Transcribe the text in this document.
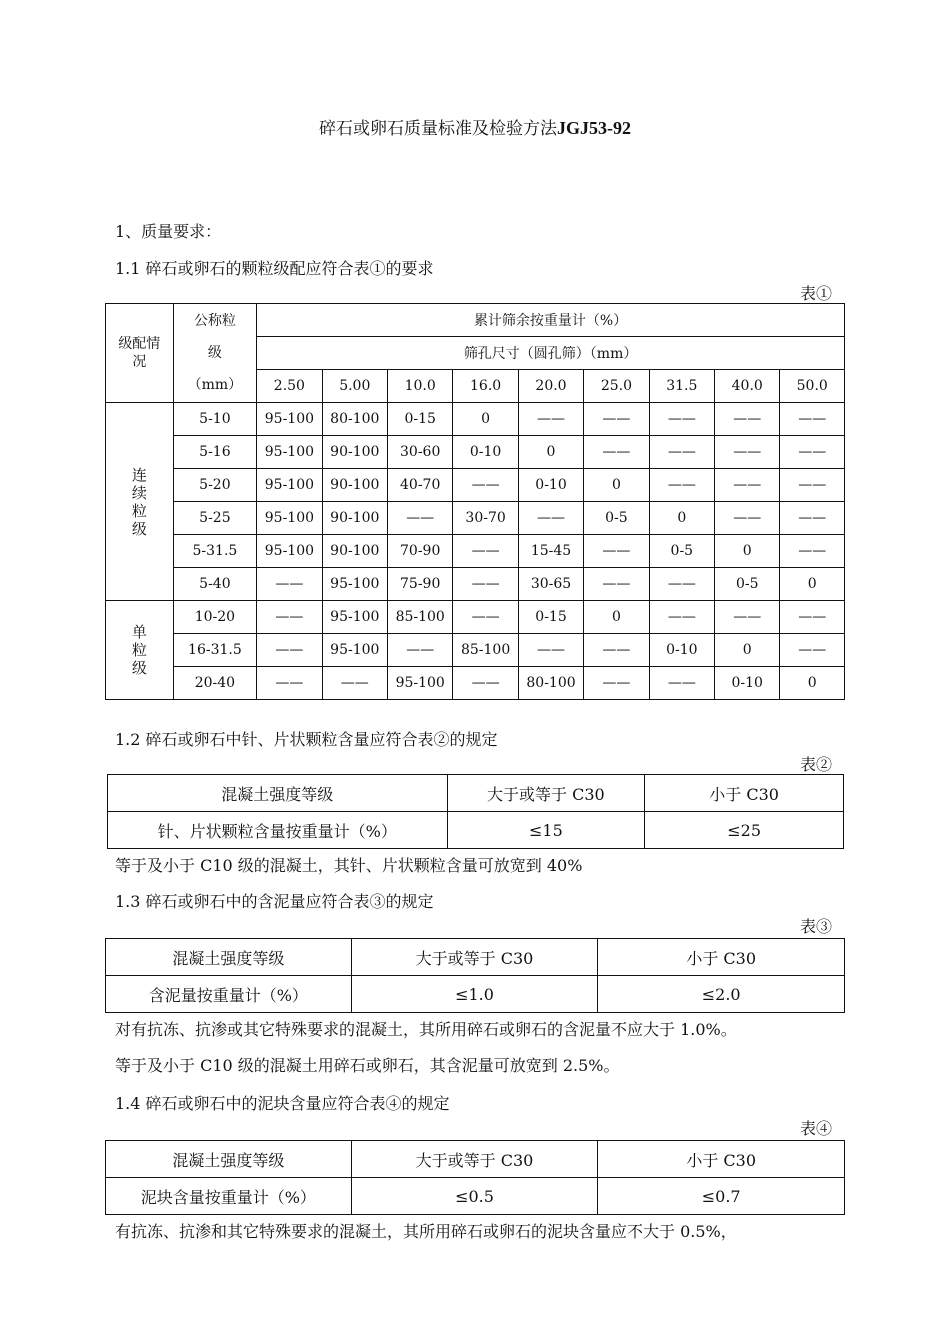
碎石或卵石质量标准及检验方法JGJ53-92
1、质量要求：
1.1 碎石或卵石的颗粒级配应符合表①的要求
表①
级配情况	公称粒级（mm）	累计筛余按重量计（%）								
		筛孔尺寸（圆孔筛）（mm）								
		2.50	5.00	10.0	16.0	20.0	25.0	31.5	40.0	50.0
连续粒级	5-10	95-100	80-100	0-15	0	——	——	——	——	——
	5-16	95-100	90-100	30-60	0-10	0	——	——	——	——
	5-20	95-100	90-100	40-70	——	0-10	0	——	——	——
	5-25	95-100	90-100	——	30-70	——	0-5	0	——	——
	5-31.5	95-100	90-100	70-90	——	15-45	——	0-5	0	——
	5-40	——	95-100	75-90	——	30-65	——	——	0-5	0
单粒级	10-20	——	95-100	85-100	——	0-15	0	——	——	——
	16-31.5	——	95-100	——	85-100	——	——	0-10	0	——
	20-40	——	——	95-100	——	80-100	——	——	0-10	0
1.2 碎石或卵石中针、片状颗粒含量应符合表②的规定
表②
混凝土强度等级	大于或等于 C30	小于 C30
针、片状颗粒含量按重量计（%）	≤15	≤25
等于及小于 C10 级的混凝土，其针、片状颗粒含量可放宽到 40%
1.3 碎石或卵石中的含泥量应符合表③的规定
表③
混凝土强度等级	大于或等于 C30	小于 C30
含泥量按重量计（%）	≤1.0	≤2.0
对有抗冻、抗渗或其它特殊要求的混凝土，其所用碎石或卵石的含泥量不应大于 1.0%。
等于及小于 C10 级的混凝土用碎石或卵石，其含泥量可放宽到 2.5%。
1.4 碎石或卵石中的泥块含量应符合表④的规定
表④
混凝土强度等级	大于或等于 C30	小于 C30
泥块含量按重量计（%）	≤0.5	≤0.7
有抗冻、抗渗和其它特殊要求的混凝土，其所用碎石或卵石的泥块含量应不大于 0.5%，
